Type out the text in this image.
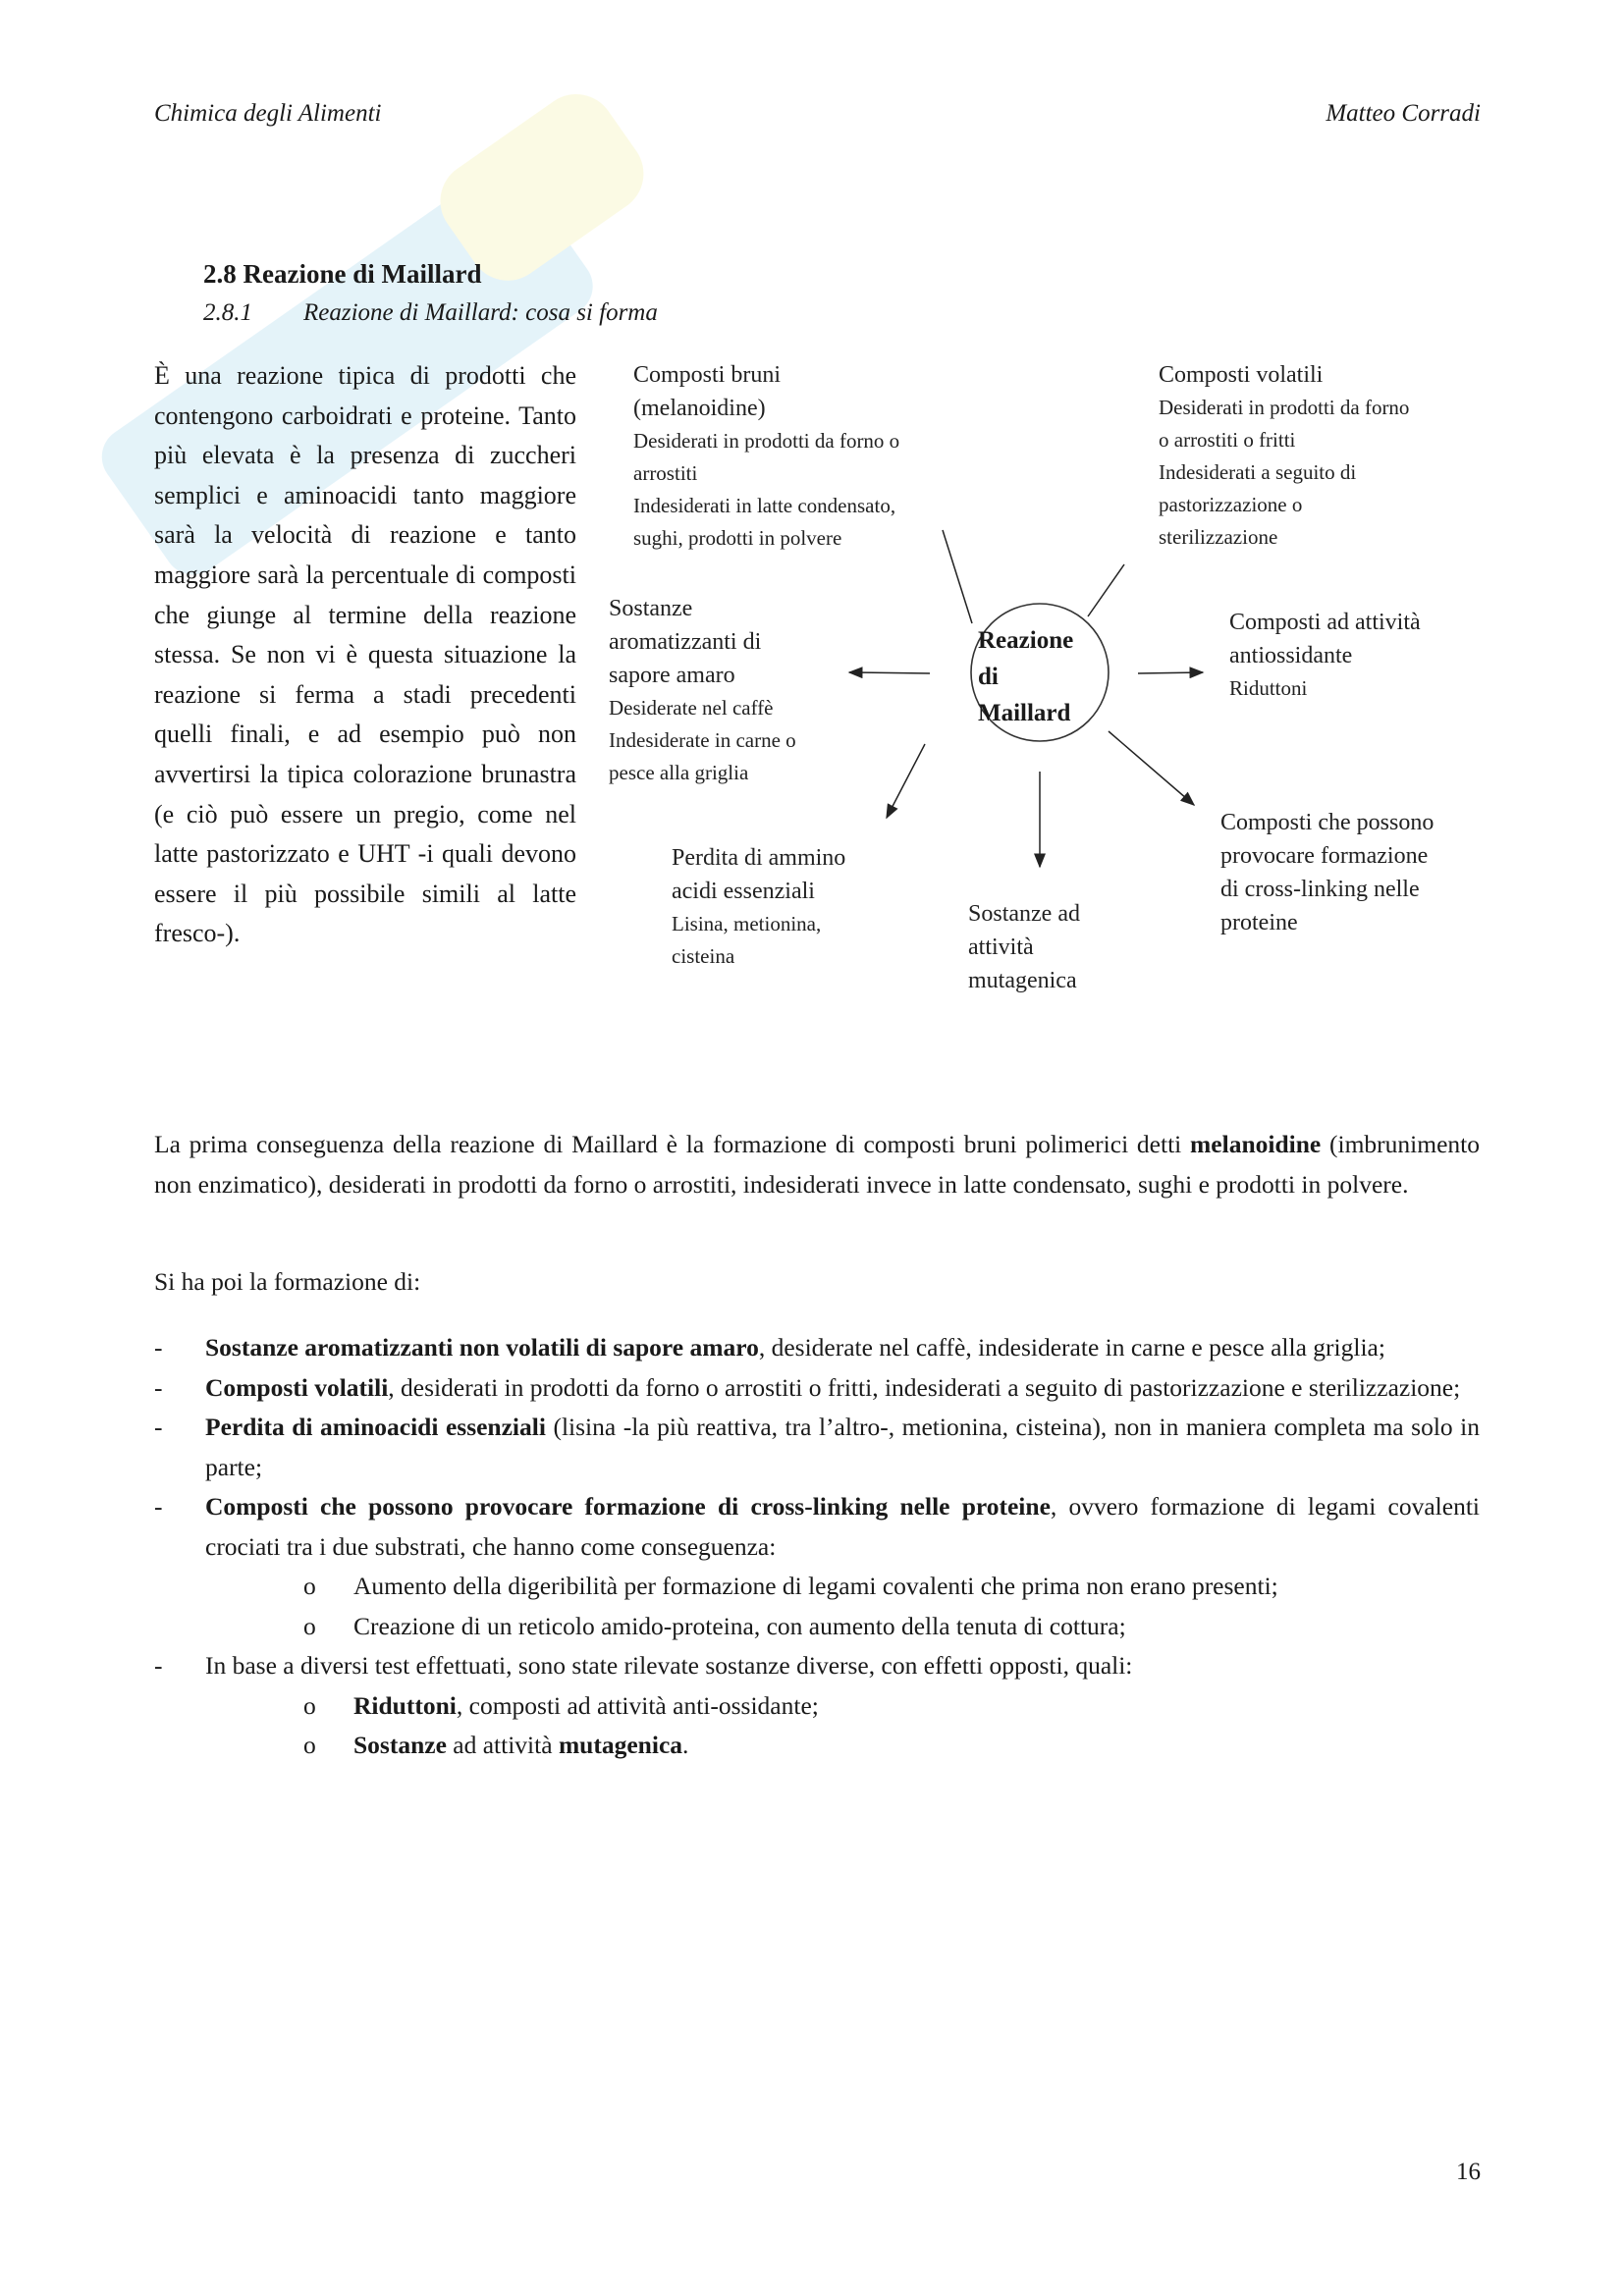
Chimica degli Alimenti	Matteo Corradi
2.8 Reazione di Maillard
2.8.1 Reazione di Maillard: cosa si forma
È una reazione tipica di prodotti che contengono carboidrati e proteine. Tanto più elevata è la presenza di zuccheri semplici e aminoacidi tanto maggiore sarà la velocità di reazione e tanto maggiore sarà la percentuale di composti che giunge al termine della reazione stessa. Se non vi è questa situazione la reazione si ferma a stadi precedenti quelli finali, e ad esempio può non avvertirsi la tipica colorazione brunastra (e ciò può essere un pregio, come nel latte pastorizzato e UHT -i quali devono essere il più possibile simili al latte fresco-).
Reazione
di
Maillard
Composti bruni
(melanoidine)
Desiderati in prodotti da forno o
arrostiti
Indesiderati in latte condensato,
sughi, prodotti in polvere
Composti volatili
Desiderati in prodotti da forno
o arrostiti o fritti
Indesiderati a seguito di
pastorizzazione o
sterilizzazione
Sostanze
aromatizzanti di
sapore amaro
Desiderate nel caffè
Indesiderate in carne o
pesce alla griglia
Composti ad attività
antiossidante
Riduttoni
Perdita di ammino
acidi essenziali
Lisina, metionina,
cisteina
Sostanze ad
attività
mutagenica
Composti che possono
provocare formazione
di cross-linking nelle
proteine
La prima conseguenza della reazione di Maillard è la formazione di composti bruni polimerici detti melanoidine (imbrunimento non enzimatico), desiderati in prodotti da forno o arrostiti, indesiderati invece in latte condensato, sughi e prodotti in polvere.
Si ha poi la formazione di:
- Sostanze aromatizzanti non volatili di sapore amaro, desiderate nel caffè, indesiderate in carne e pesce alla griglia;
- Composti volatili, desiderati in prodotti da forno o arrostiti o fritti, indesiderati a seguito di pastorizzazione e sterilizzazione;
- Perdita di aminoacidi essenziali (lisina -la più reattiva, tra l’altro-, metionina, cisteina), non in maniera completa ma solo in parte;
- Composti che possono provocare formazione di cross-linking nelle proteine, ovvero formazione di legami covalenti crociati tra i due substrati, che hanno come conseguenza:
o Aumento della digeribilità per formazione di legami covalenti che prima non erano presenti;
o Creazione di un reticolo amido-proteina, con aumento della tenuta di cottura;
- In base a diversi test effettuati, sono state rilevate sostanze diverse, con effetti opposti, quali:
o Riduttoni, composti ad attività anti-ossidante;
o Sostanze ad attività mutagenica.
16
